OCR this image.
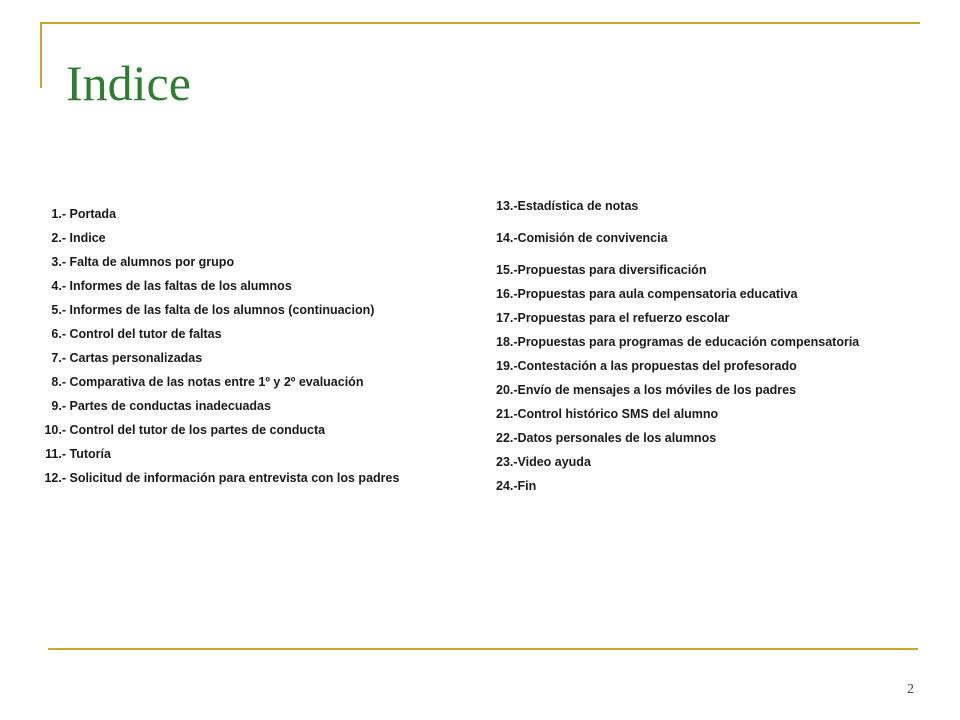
Indice
1.- Portada
2.- Indice
3.- Falta de alumnos por grupo
4.- Informes de las faltas de los alumnos
5.- Informes de las falta de los alumnos (continuacion)
6.- Control del tutor de faltas
7.- Cartas personalizadas
8.- Comparativa de las notas entre 1º y 2º evaluación
9.- Partes de conductas inadecuadas
10.- Control del tutor de los partes de conducta
11.- Tutoría
12.- Solicitud de información para entrevista con los padres
13.- Estadística de notas
14.- Comisión de convivencia
15.- Propuestas para diversificación
16.- Propuestas para aula compensatoria educativa
17.- Propuestas para el refuerzo escolar
18.- Propuestas para programas de educación compensatoria
19.- Contestación a las propuestas del profesorado
20.- Envío de mensajes a los móviles de los padres
21.- Control histórico SMS del alumno
22.- Datos personales de los alumnos
23.- Video ayuda
24.- Fin
2
